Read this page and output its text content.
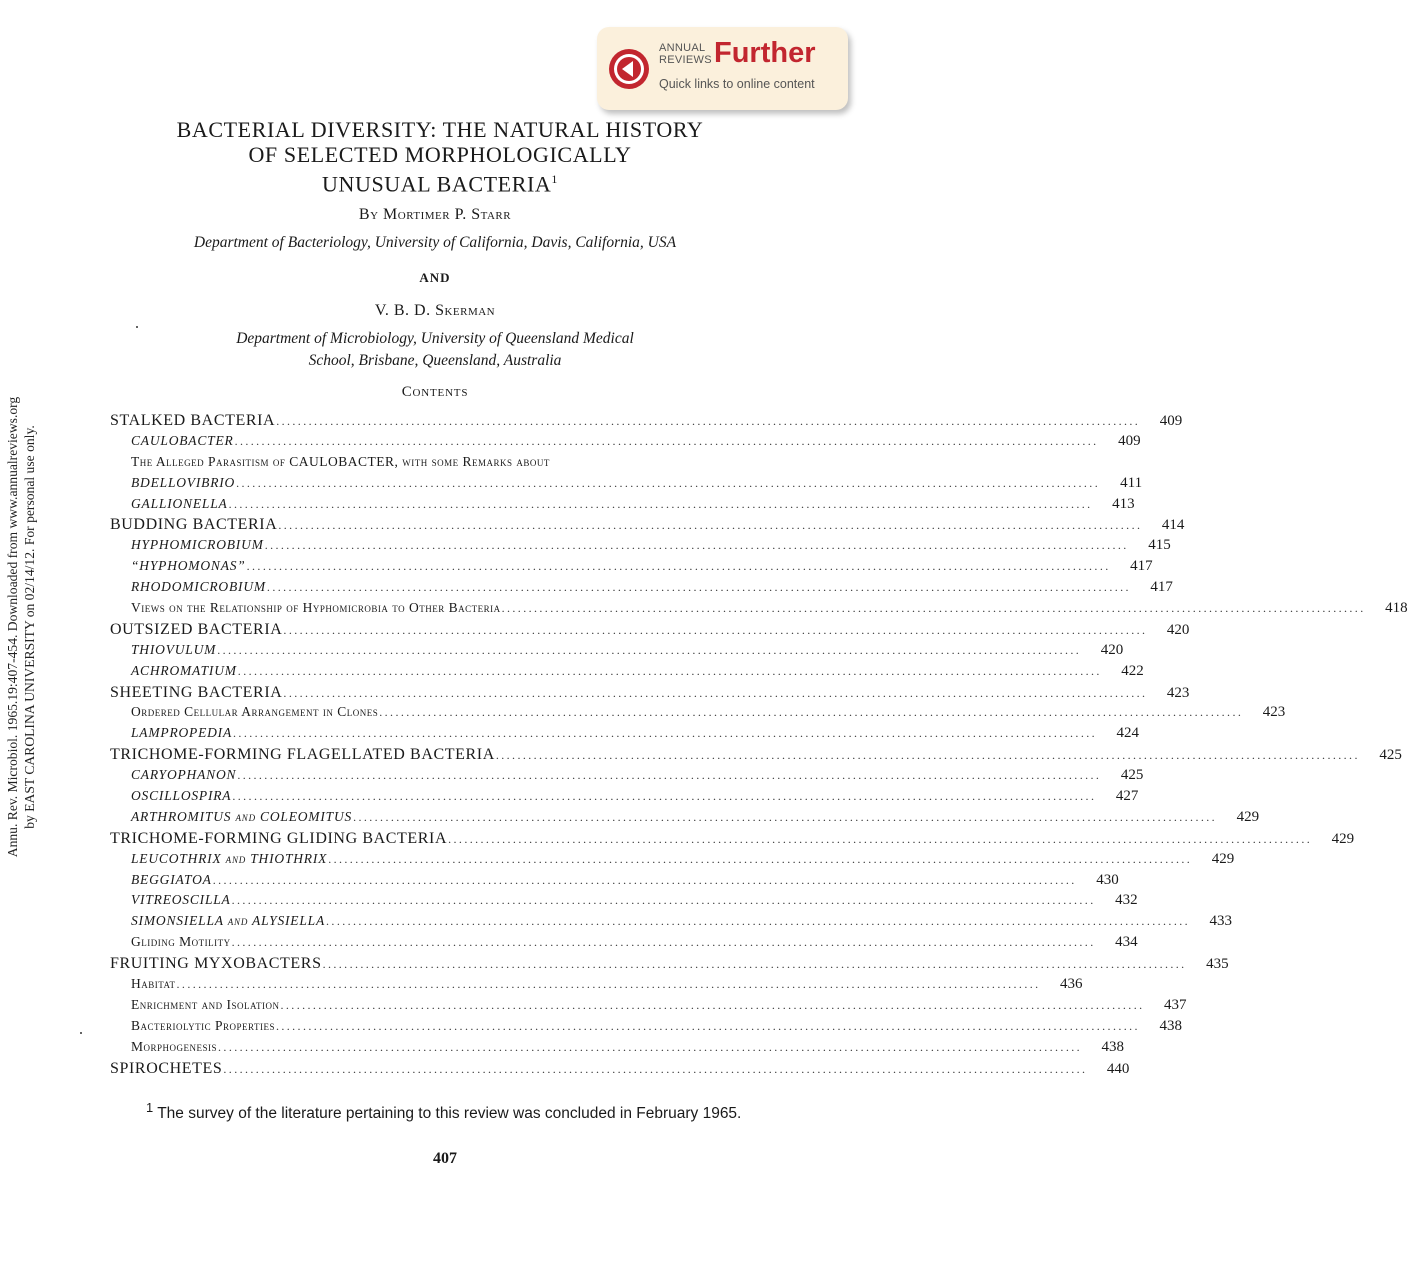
Annu. Rev. Microbiol. 1965.19:407-454. Downloaded from www.annualreviews.org by EAST CAROLINA UNIVERSITY on 02/14/12. For personal use only.
ANNUAL
REVIEWS Further
Quick links to online content
BACTERIAL DIVERSITY: THE NATURAL HISTORY
OF SELECTED MORPHOLOGICALLY
UNUSUAL BACTERIA$^1$
By Mortimer P. Starr
Department of Bacteriology, University of California, Davis, California, USA
AND
V. B. D. Skerman
Department of Microbiology, University of Queensland Medical
School, Brisbane, Queensland, Australia
Contents
STALKED BACTERIA ................................................................................................................................................................	409
CAULOBACTER ................................................................................................................................................................	409
The Alleged Parasitism of CAULOBACTER, with some Remarks about
BDELLOVIBRIO ................................................................................................................................................................	411
GALLIONELLA ................................................................................................................................................................	413
BUDDING BACTERIA ................................................................................................................................................................	414
HYPHOMICROBIUM ................................................................................................................................................................	415
“HYPHOMONAS” ................................................................................................................................................................	417
RHODOMICROBIUM ................................................................................................................................................................	417
Views on the Relationship of Hyphomicrobia to Other Bacteria ................................................................................................................................................................	418
OUTSIZED BACTERIA ................................................................................................................................................................	420
THIOVULUM ................................................................................................................................................................	420
ACHROMATIUM ................................................................................................................................................................	422
SHEETING BACTERIA ................................................................................................................................................................	423
Ordered Cellular Arrangement in Clones ................................................................................................................................................................	423
LAMPROPEDIA ................................................................................................................................................................	424
TRICHOME-FORMING FLAGELLATED BACTERIA ................................................................................................................................................................	425
CARYOPHANON ................................................................................................................................................................	425
OSCILLOSPIRA ................................................................................................................................................................	427
ARTHROMITUS and COLEOMITUS ................................................................................................................................................................	429
TRICHOME-FORMING GLIDING BACTERIA ................................................................................................................................................................	429
LEUCOTHRIX and THIOTHRIX ................................................................................................................................................................	429
BEGGIATOA ................................................................................................................................................................	430
VITREOSCILLA ................................................................................................................................................................	432
SIMONSIELLA and ALYSIELLA ................................................................................................................................................................	433
Gliding Motility ................................................................................................................................................................	434
FRUITING MYXOBACTERS ................................................................................................................................................................	435
Habitat ................................................................................................................................................................	436
Enrichment and Isolation ................................................................................................................................................................	437
Bacteriolytic Properties ................................................................................................................................................................	438
Morphogenesis ................................................................................................................................................................	438
SPIROCHETES ................................................................................................................................................................	440
$^1$ The survey of the literature pertaining to this review was concluded in February 1965.
407
